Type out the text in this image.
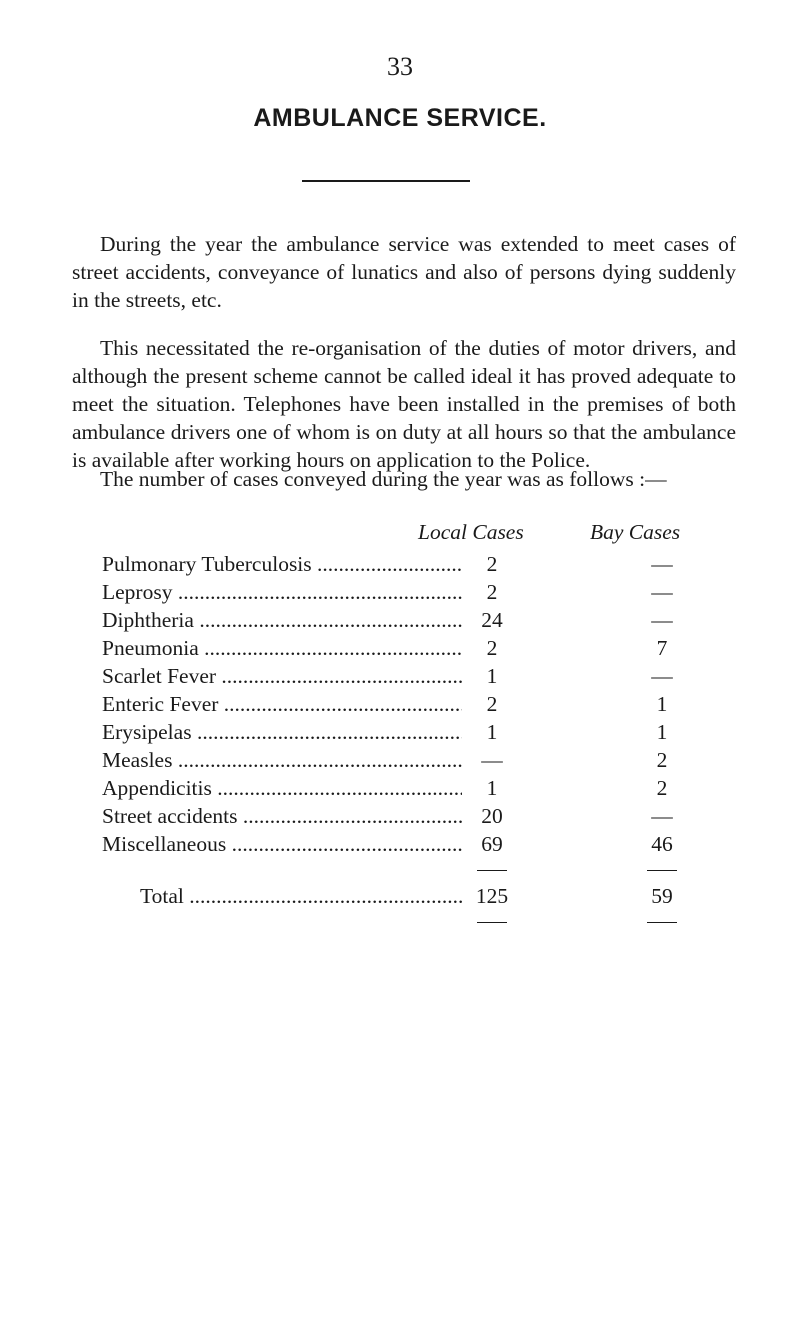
33
AMBULANCE SERVICE.

During the year the ambulance service was extended to meet cases of street accidents, conveyance of lunatics and also of persons dying suddenly in the streets, etc.

This necessitated the re-organisation of the duties of motor drivers, and although the present scheme cannot be called ideal it has proved adequate to meet the situation. Telephones have been installed in the premises of both ambulance drivers one of whom is on duty at all hours so that the ambulance is available after working hours on application to the Police.

The number of cases conveyed during the year was as follows :—

Local Cases	Bay Cases
Pulmonary Tuberculosis .....	2	—
Leprosy .....	2	—
Diphtheria .....	24	—
Pneumonia .....	2	7
Scarlet Fever .....	1	—
Enteric Fever .....	2	1
Erysipelas .....	1	1
Measles .....	—	2
Appendicitis .....	1	2
Street accidents .....	20	—
Miscellaneous .....	69	46
Total .....	125	59
